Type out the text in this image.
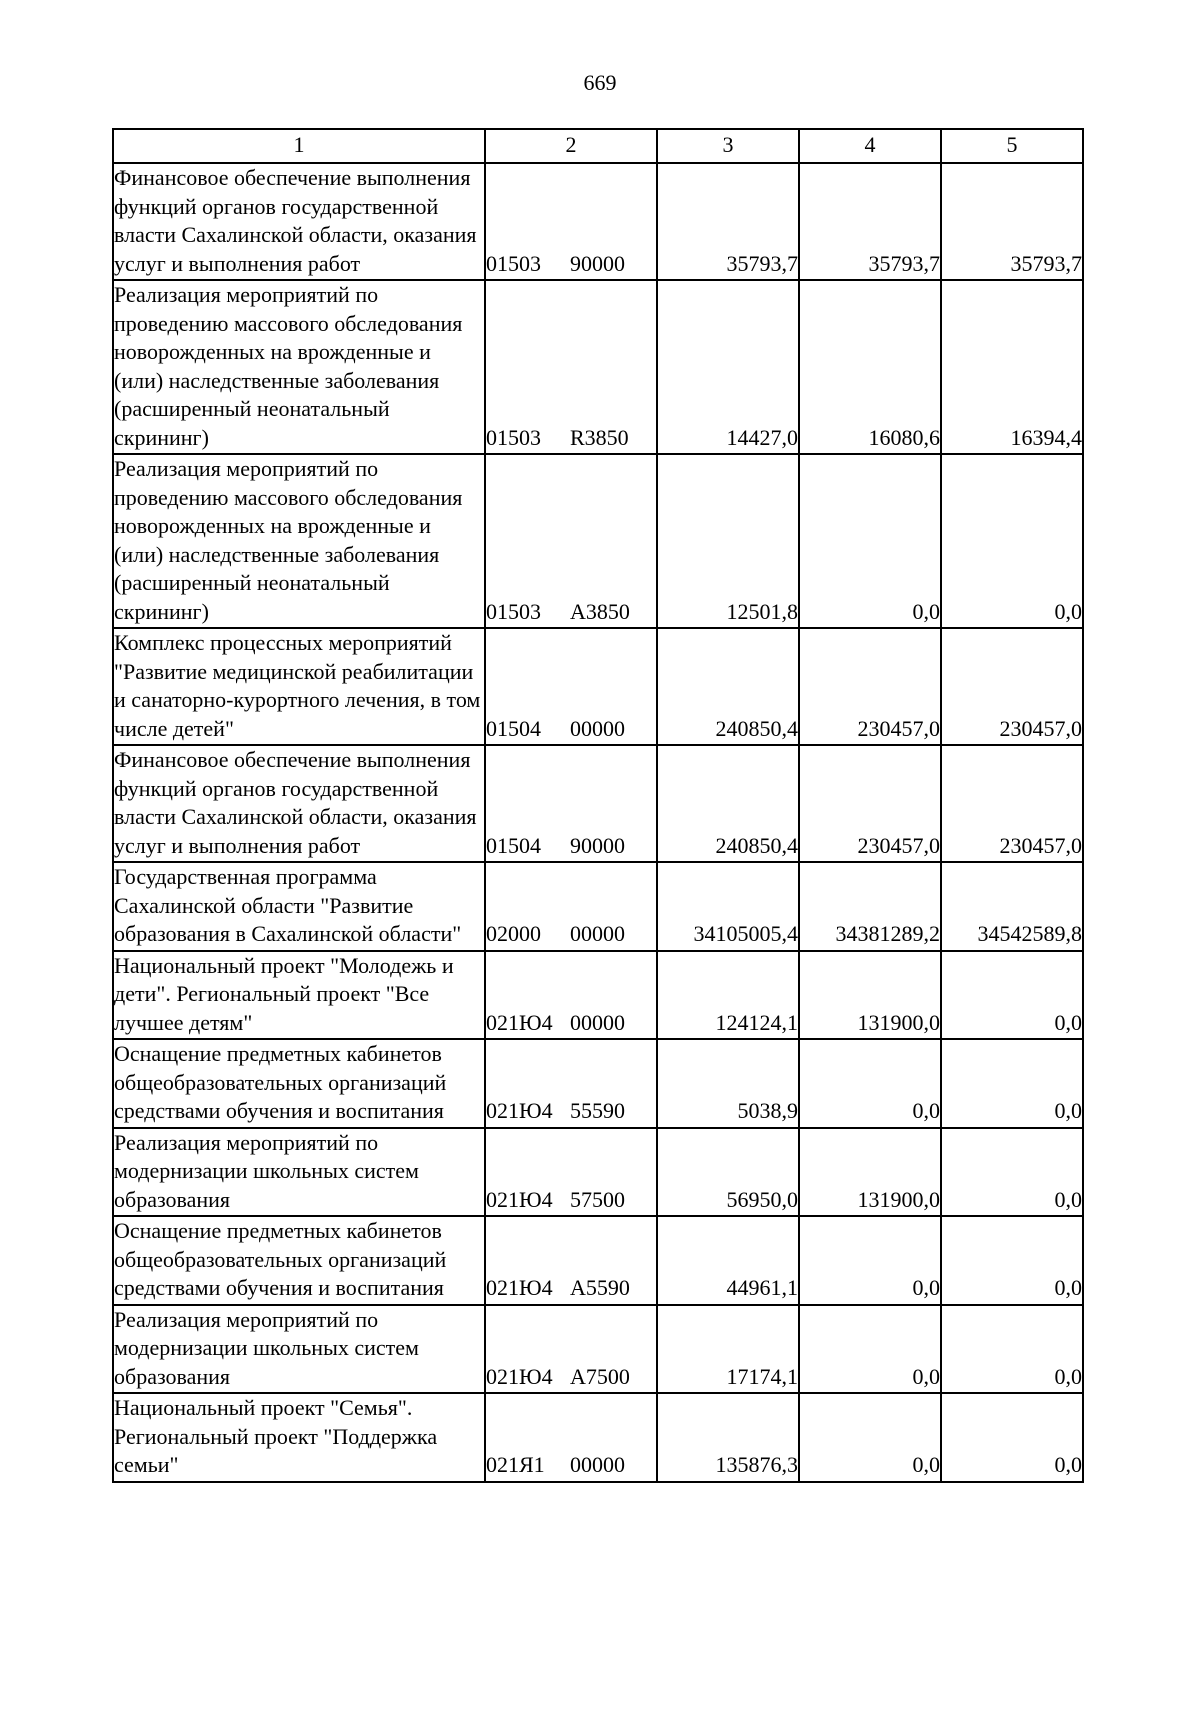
669
1	2	3	4	5
Финансовое обеспечение выполнения функций органов государственной власти Сахалинской области, оказания услуг и выполнения работ	01503 90000	35793,7	35793,7	35793,7
Реализация мероприятий по проведению массового обследования новорожденных на врожденные и (или) наследственные заболевания (расширенный неонатальный скрининг)	01503 R3850	14427,0	16080,6	16394,4
Реализация мероприятий по проведению массового обследования новорожденных на врожденные и (или) наследственные заболевания (расширенный неонатальный скрининг)	01503 А3850	12501,8	0,0	0,0
Комплекс процессных мероприятий "Развитие медицинской реабилитации и санаторно-курортного лечения, в том числе детей"	01504 00000	240850,4	230457,0	230457,0
Финансовое обеспечение выполнения функций органов государственной власти Сахалинской области, оказания услуг и выполнения работ	01504 90000	240850,4	230457,0	230457,0
Государственная программа Сахалинской области "Развитие образования в Сахалинской области"	02000 00000	34105005,4	34381289,2	34542589,8
Национальный проект "Молодежь и дети". Региональный проект "Все лучшее детям"	021Ю4 00000	124124,1	131900,0	0,0
Оснащение предметных кабинетов общеобразовательных организаций средствами обучения и воспитания	021Ю4 55590	5038,9	0,0	0,0
Реализация мероприятий по модернизации школьных систем образования	021Ю4 57500	56950,0	131900,0	0,0
Оснащение предметных кабинетов общеобразовательных организаций средствами обучения и воспитания	021Ю4 А5590	44961,1	0,0	0,0
Реализация мероприятий по модернизации школьных систем образования	021Ю4 А7500	17174,1	0,0	0,0
Национальный проект "Семья". Региональный проект "Поддержка семьи"	021Я1 00000	135876,3	0,0	0,0
